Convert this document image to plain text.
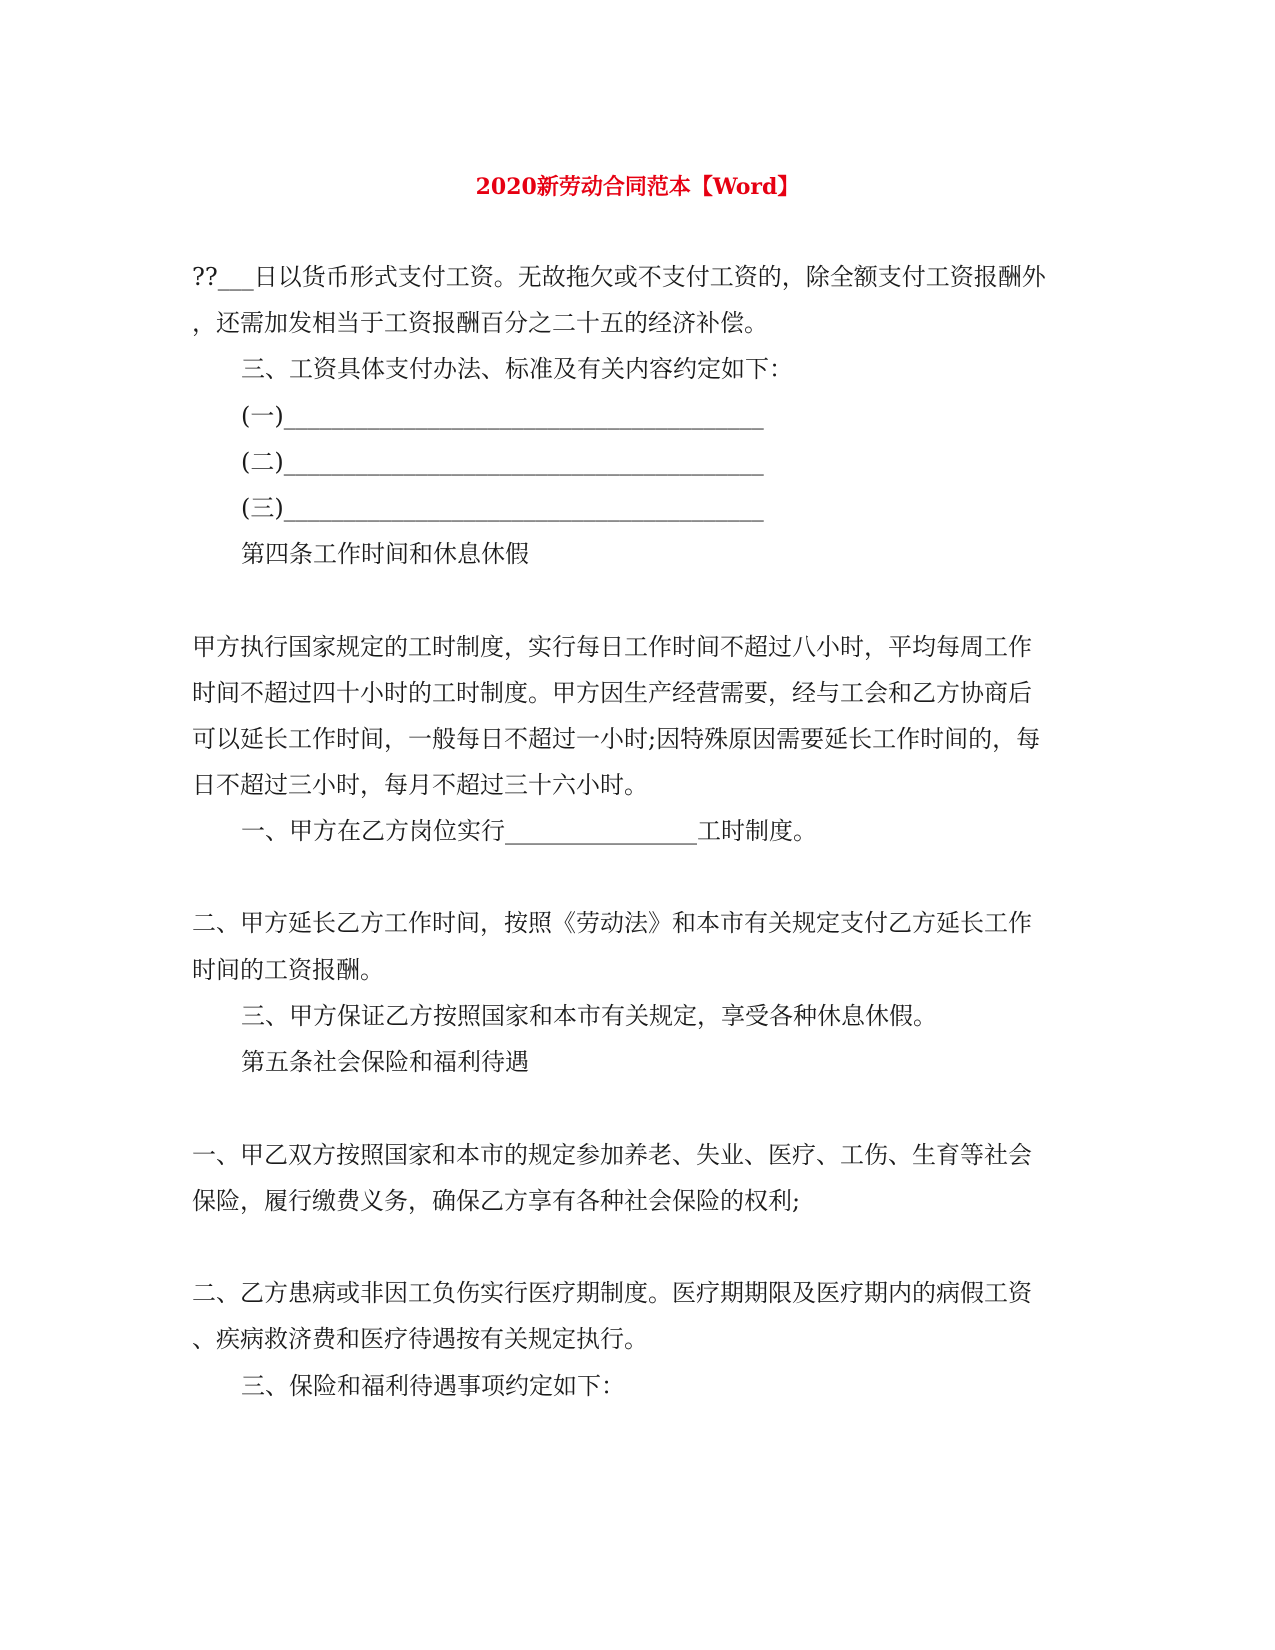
2020新劳动合同范本【Word】
??___日以货币形式支付工资。无故拖欠或不支付工资的，除全额支付工资报酬外
，还需加发相当于工资报酬百分之二十五的经济补偿。
三、工资具体支付办法、标准及有关内容约定如下：
(一)________________________________________
(二)________________________________________
(三)________________________________________
第四条工作时间和休息休假
甲方执行国家规定的工时制度，实行每日工作时间不超过八小时，平均每周工作
时间不超过四十小时的工时制度。甲方因生产经营需要，经与工会和乙方协商后
可以延长工作时间，一般每日不超过一小时;因特殊原因需要延长工作时间的，每
日不超过三小时，每月不超过三十六小时。
一、甲方在乙方岗位实行________________工时制度。
二、甲方延长乙方工作时间，按照《劳动法》和本市有关规定支付乙方延长工作
时间的工资报酬。
三、甲方保证乙方按照国家和本市有关规定，享受各种休息休假。
第五条社会保险和福利待遇
一、甲乙双方按照国家和本市的规定参加养老、失业、医疗、工伤、生育等社会
保险，履行缴费义务，确保乙方享有各种社会保险的权利;
二、乙方患病或非因工负伤实行医疗期制度。医疗期期限及医疗期内的病假工资
、疾病救济费和医疗待遇按有关规定执行。
三、保险和福利待遇事项约定如下：
